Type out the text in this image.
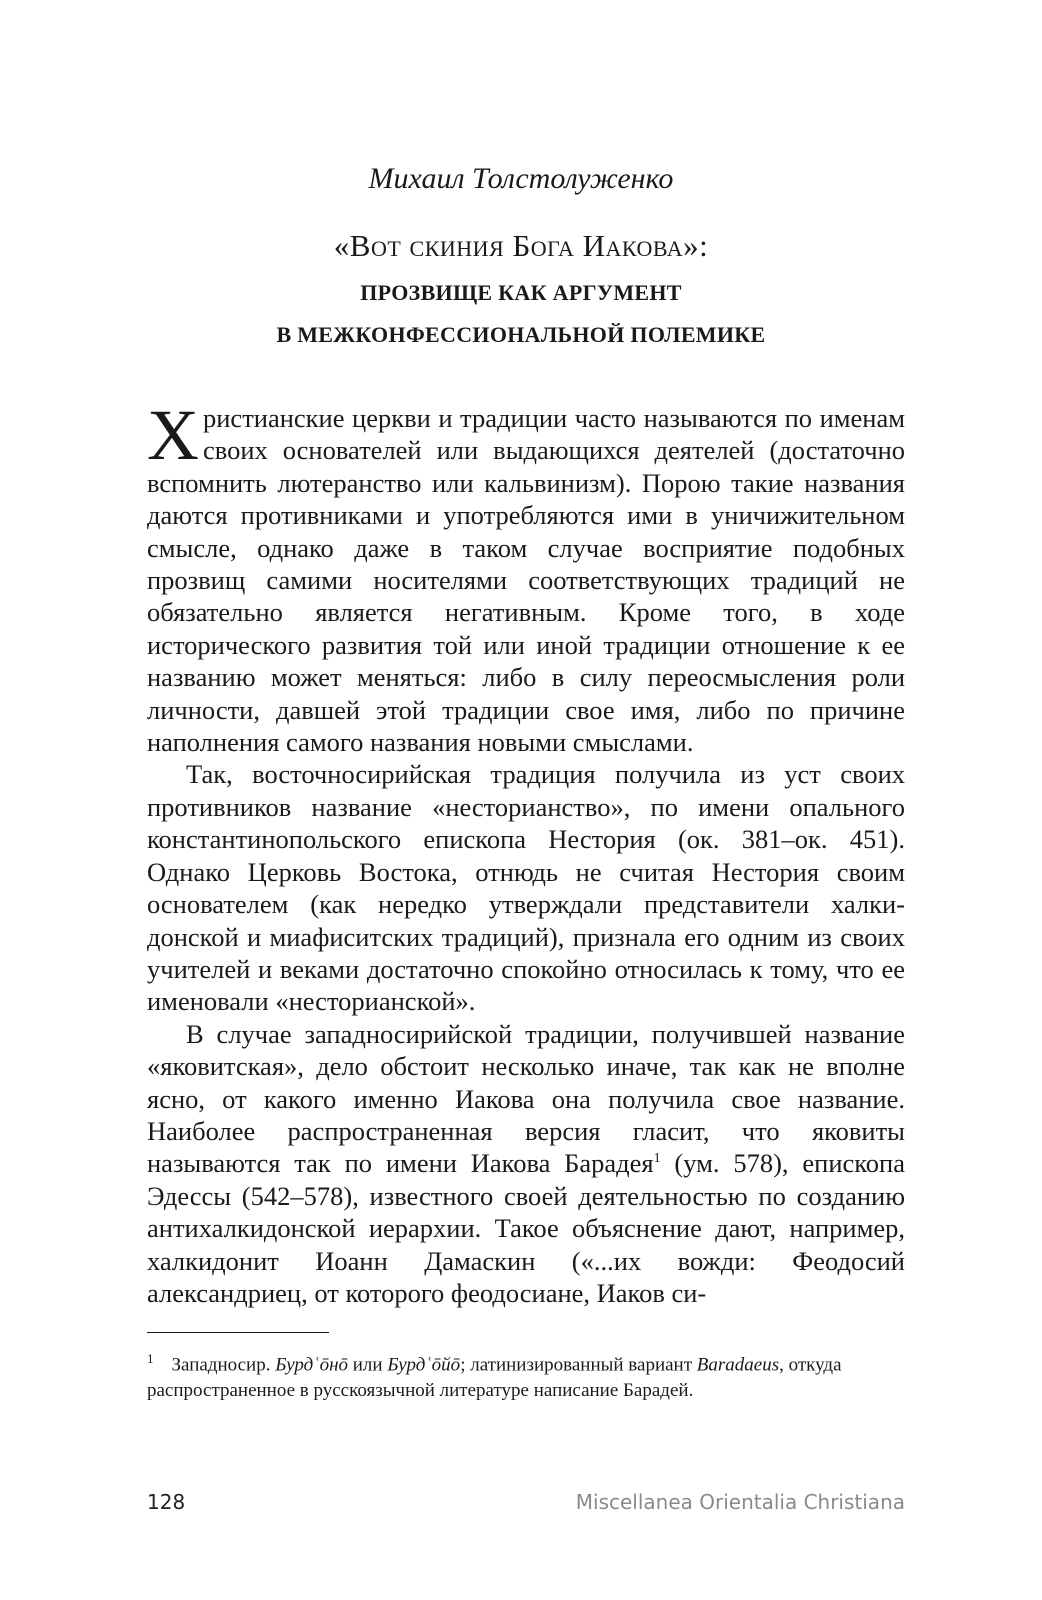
Михаил Толстолуженко
«Вот скиния Бога Иакова»:
ПРОЗВИЩЕ КАК АРГУМЕНТ
В МЕЖКОНФЕССИОНАЛЬНОЙ ПОЛЕМИКЕ

Христианские церкви и традиции часто называются по именам своих основателей или выдающихся деятелей (достаточно вспомнить лютеранство или кальвинизм). Порою такие названия даются противниками и употребляются ими в уничижительном смысле, однако даже в таком случае восприятие подобных прозвищ самими носителями соответствующих традиций не обязательно является негативным. Кроме того, в ходе исторического развития той или иной традиции отношение к ее названию может меняться: либо в силу переосмысления роли личности, давшей этой традиции свое имя, либо по причине наполнения самого названия новыми смыслами.

Так, восточносирийская традиция получила из уст своих противников название «несторианство», по имени опального константинопольского епископа Нестория (ок. 381–ок. 451). Однако Церковь Востока, отнюдь не считая Нестория своим основателем (как нередко утверждали представители халкидонской и миафиситских традиций), признала его одним из своих учителей и веками достаточно спокойно относилась к тому, что ее именовали «несторианской».

В случае западносирийской традиции, получившей название «яковитская», дело обстоит несколько иначе, так как не вполне ясно, от какого именно Иакова она получила свое название. Наиболее распространенная версия гласит, что яковиты называются так по имени Иакова Барадея$^1$ (ум. 578), епископа Эдессы (542–578), известного своей деятельностью по созданию антихалкидонской иерархии. Такое объяснение дают, например, халкидонит Иоанн Дамаскин («...их вожди: Феодосий александриец, от которого феодосиане, Иаков си-

$^1$ Западносир. Бурдʿōнō или Бурдʿōйō; латинизированный вариант Baradaeus, откуда распространенное в русскоязычной литературе написание Барадей.
128	Miscellanea Orientalia Christiana
